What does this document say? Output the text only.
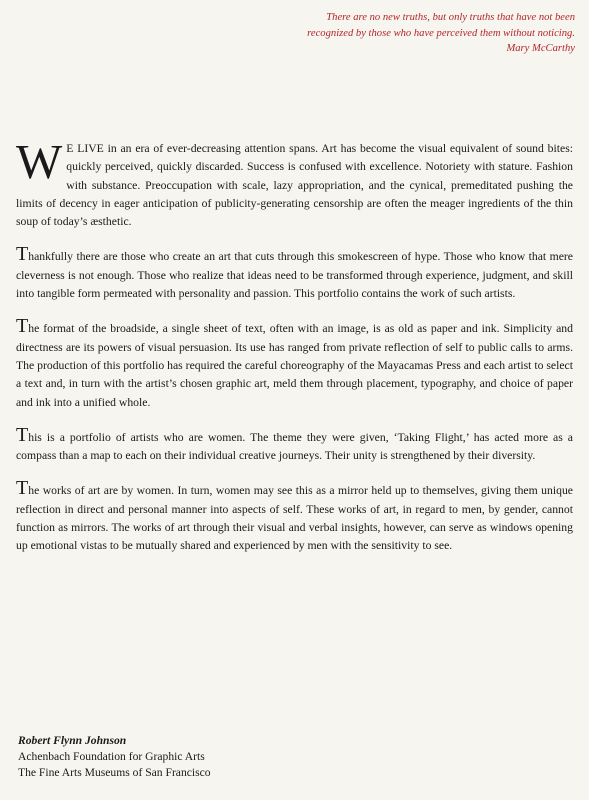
There are no new truths, but only truths that have not been
recognized by those who have perceived them without noticing.
Mary McCarthy

W E LIVE in an era of ever-decreasing attention spans. Art has become the visual equivalent of sound bites: quickly perceived, quickly discarded. Success is confused with excellence. Notoriety with stature. Fashion with substance. Preoccupation with scale, lazy appropriation, and the cynical, premeditated pushing the limits of decency in eager anticipation of publicity-generating censorship are often the meager ingredients of the thin soup of today’s æsthetic.

Thankfully there are those who create an art that cuts through this smokescreen of hype. Those who know that mere cleverness is not enough. Those who realize that ideas need to be transformed through experience, judgment, and skill into tangible form permeated with personality and passion. This portfolio contains the work of such artists.

The format of the broadside, a single sheet of text, often with an image, is as old as paper and ink. Simplicity and directness are its powers of visual persuasion. Its use has ranged from private reflection of self to public calls to arms. The production of this portfolio has required the careful choreography of the Mayacamas Press and each artist to select a text and, in turn with the artist’s chosen graphic art, meld them through placement, typography, and choice of paper and ink into a unified whole.

This is a portfolio of artists who are women. The theme they were given, ‘Taking Flight,’ has acted more as a compass than a map to each on their individual creative journeys. Their unity is strengthened by their diversity.

The works of art are by women. In turn, women may see this as a mirror held up to themselves, giving them unique reflection in direct and personal manner into aspects of self. These works of art, in regard to men, by gender, cannot function as mirrors. The works of art through their visual and verbal insights, however, can serve as windows opening up emotional vistas to be mutually shared and experienced by men with the sensitivity to see.

Robert Flynn Johnson
Achenbach Foundation for Graphic Arts
The Fine Arts Museums of San Francisco
